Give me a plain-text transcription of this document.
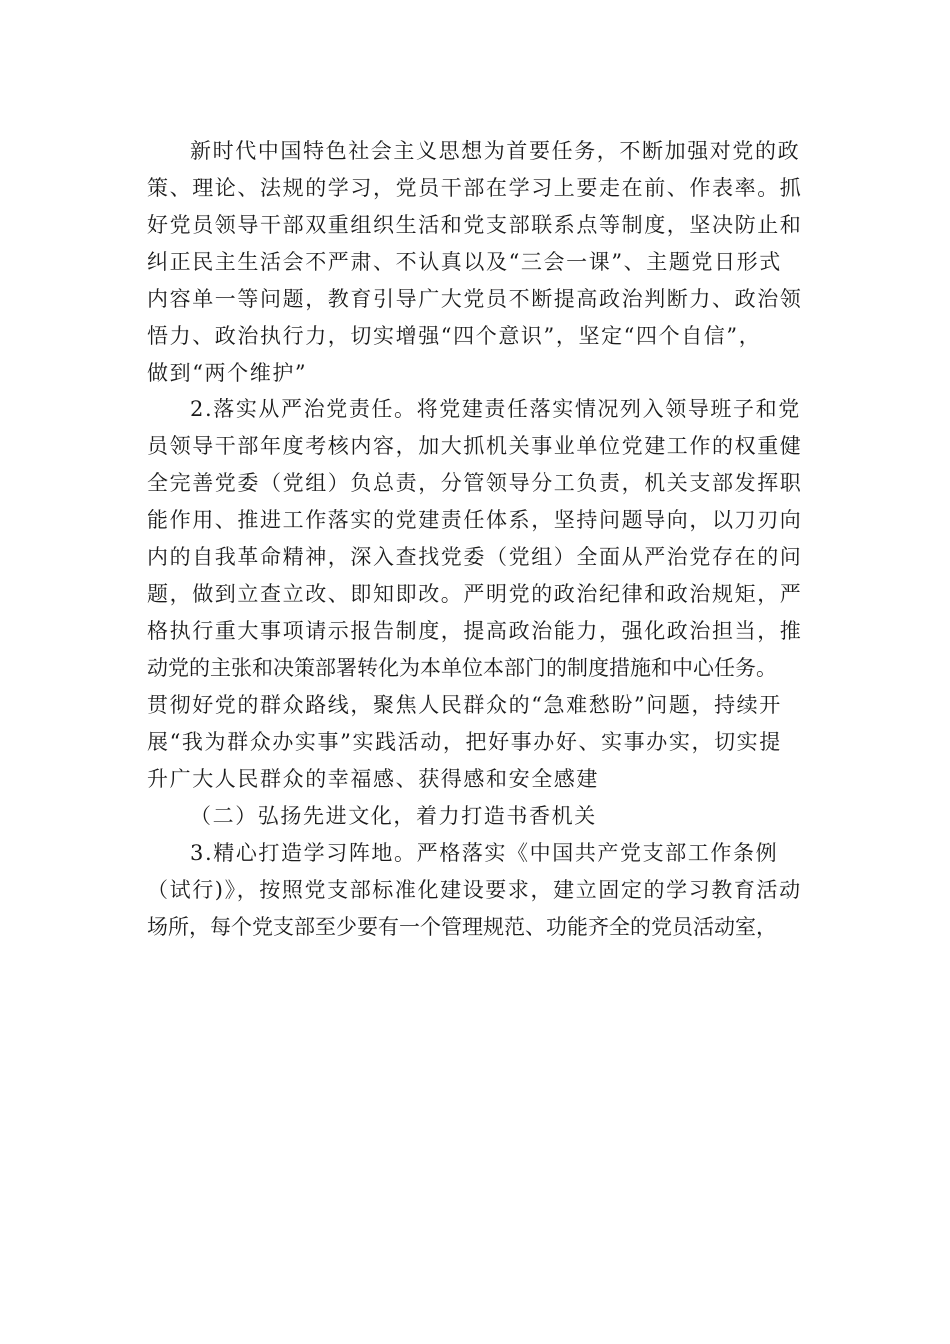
新时代中国特色社会主义思想为首要任务，不断加强对党的政
策、理论、法规的学习，党员干部在学习上要走在前、作表率。抓
好党员领导干部双重组织生活和党支部联系点等制度，坚决防止和
纠正民主生活会不严肃、不认真以及“三会一课”、主题党日形式
内容单一等问题，教育引导广大党员不断提高政治判断力、政治领
悟力、政治执行力，切实增强“四个意识”，坚定“四个自信”，
做到“两个维护”
2.落实从严治党责任。将党建责任落实情况列入领导班子和党
员领导干部年度考核内容，加大抓机关事业单位党建工作的权重健
全完善党委（党组）负总责，分管领导分工负责，机关支部发挥职
能作用、推进工作落实的党建责任体系，坚持问题导向，以刀刃向
内的自我革命精神，深入查找党委（党组）全面从严治党存在的问
题，做到立查立改、即知即改。严明党的政治纪律和政治规矩，严
格执行重大事项请示报告制度，提高政治能力，强化政治担当，推
动党的主张和决策部署转化为本单位本部门的制度措施和中心任务。
贯彻好党的群众路线，聚焦人民群众的“急难愁盼”问题，持续开
展“我为群众办实事”实践活动，把好事办好、实事办实，切实提
升广大人民群众的幸福感、获得感和安全感建
（二）弘扬先进文化，着力打造书香机关
3.精心打造学习阵地。严格落实《中国共产党支部工作条例
（试行)》，按照党支部标准化建设要求，建立固定的学习教育活动
场所，每个党支部至少要有一个管理规范、功能齐全的党员活动室，
